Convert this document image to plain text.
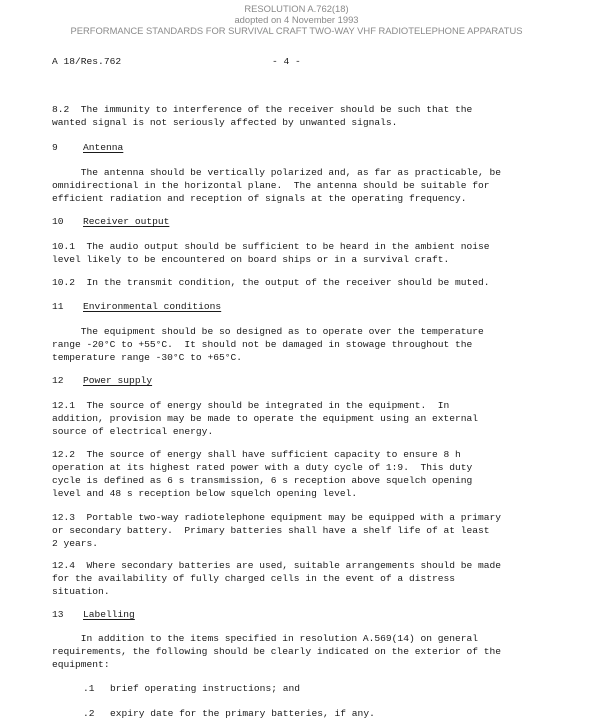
RESOLUTION A.762(18)
adopted on 4 November 1993
PERFORMANCE STANDARDS FOR SURVIVAL CRAFT TWO-WAY VHF RADIOTELEPHONE APPARATUS
A 18/Res.762	- 4 -
8.2  The immunity to interference of the receiver should be such that the
wanted signal is not seriously affected by unwanted signals.
9	Antenna
The antenna should be vertically polarized and, as far as practicable, be
omnidirectional in the horizontal plane.  The antenna should be suitable for
efficient radiation and reception of signals at the operating frequency.
10 Receiver output
10.1  The audio output should be sufficient to be heard in the ambient noise
level likely to be encountered on board ships or in a survival craft.
10.2  In the transmit condition, the output of the receiver should be muted.
11 Environmental conditions
The equipment should be so designed as to operate over the temperature
range -20°C to +55°C.  It should not be damaged in stowage throughout the
temperature range -30°C to +65°C.
12 Power supply
12.1  The source of energy should be integrated in the equipment.  In
addition, provision may be made to operate the equipment using an external
source of electrical energy.
12.2  The source of energy shall have sufficient capacity to ensure 8 h
operation at its highest rated power with a duty cycle of 1:9.  This duty
cycle is defined as 6 s transmission, 6 s reception above squelch opening
level and 48 s reception below squelch opening level.
12.3  Portable two-way radiotelephone equipment may be equipped with a primary
or secondary battery.  Primary batteries shall have a shelf life of at least
2 years.
12.4  Where secondary batteries are used, suitable arrangements should be made
for the availability of fully charged cells in the event of a distress
situation.
13 Labelling
In addition to the items specified in resolution A.569(14) on general
requirements, the following should be clearly indicated on the exterior of the
equipment:
.1 brief operating instructions; and
.2 expiry date for the primary batteries, if any.
